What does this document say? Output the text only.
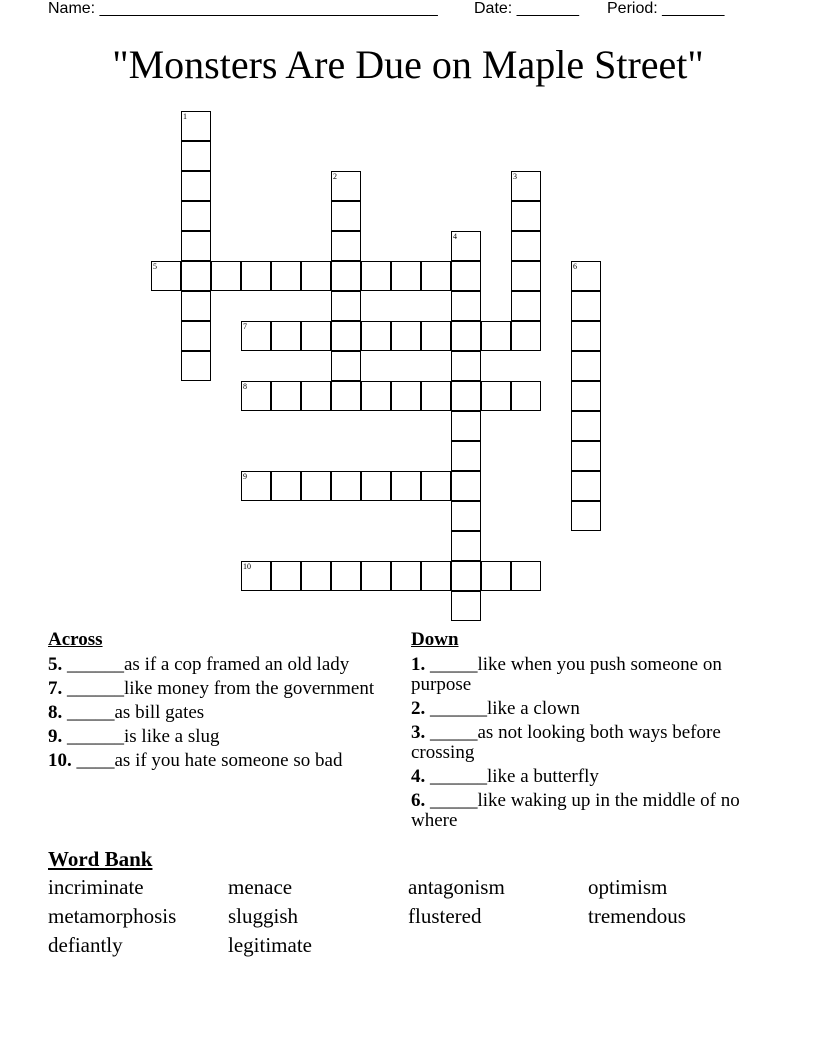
Name: ______________________________________ Date: _______ Period: _______
"Monsters Are Due on Maple Street"
1
2	3
4
5	6
7
8
9
10
Across
5. ______as if a cop framed an old lady
7. ______like money from the government
8. _____as bill gates
9. ______is like a slug
10. ____as if you hate someone so bad
Down
1. _____like when you push someone on purpose
2. ______like a clown
3. _____as not looking both ways before crossing
4. ______like a butterfly
6. _____like waking up in the middle of no where
Word Bank
incriminate	menace	antagonism	optimism
metamorphosis	sluggish	flustered	tremendous
defiantly	legitimate
